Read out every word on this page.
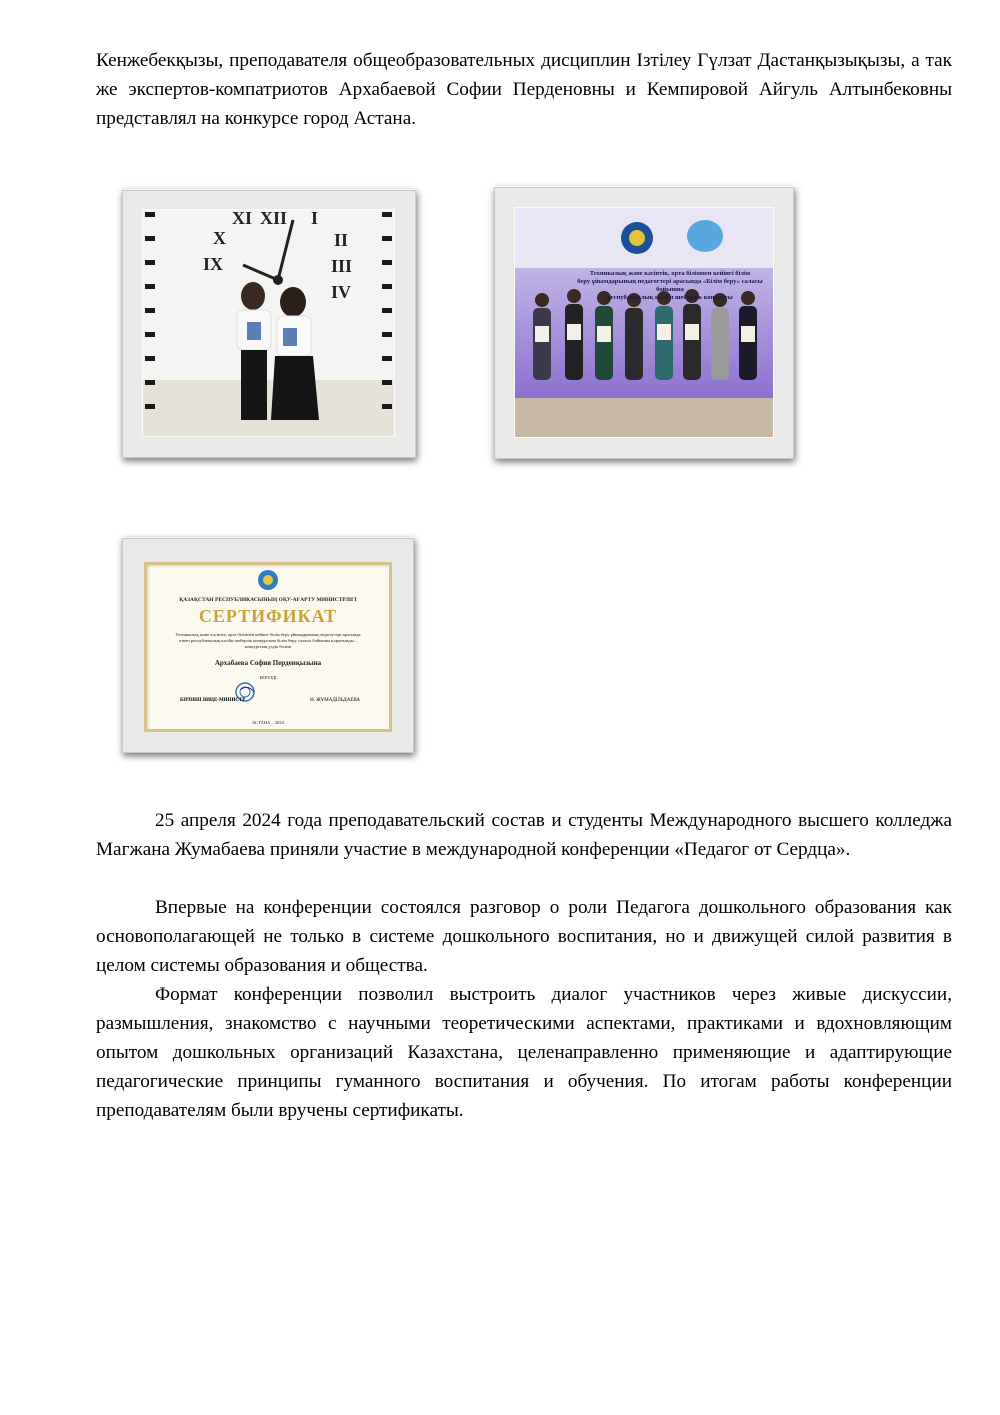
Кенжебекқызы, преподавателя общеобразовательных дисциплин Ізтілеу Гүлзат Дастанқызықызы, а так же экспертов-компатриотов Архабаевой Софии Перденовны и Кемпировой Айгуль Алтынбековны представлял на конкурсе город Астана.

XI XII I
II
III
IV
X
IX	Техникалық және кәсіптік, орта білімнен кейінгі білім
беру ұйымдарының педагогтері арасында «Білім беру» саласы бойынша
республикалық кәсіби шеберлік конкурсы
ҚАЗАҚСТАН РЕСПУБЛИКАСЫНЫҢ ОҚУ-АҒАРТУ МИНИСТРЛІГІ
СЕРТИФИКАТ
Техникалық және кәсіптік, орта білімнен кейінгі білім беру ұйымдарының педагогтері арасында өткен республикалық кәсіби шеберлік конкурсына білім беру саласы бойынша қорытынды – конкурстың үздік бөлімі
Архабаева София Перденқызына
БЕРІЛДІ
БІРІНШІ ВИЦЕ-МИНИСТР	Н. ЖҰМАДІЛЬДАЕВА
АСТАНА – 2024

25 апреля 2024 года преподавательский состав и студенты Международного высшего колледжа Магжана Жумабаева приняли участие в международной конференции «Педагог от Сердца».

Впервые на конференции состоялся разговор о роли Педагога дошкольного образования как основополагающей не только в системе дошкольного воспитания, но и движущей силой развития в целом системы образования и общества.

Формат конференции позволил выстроить диалог участников через живые дискуссии, размышления, знакомство с научными теоретическими аспектами, практиками и вдохновляющим опытом дошкольных организаций Казахстана, целенаправленно применяющие и адаптирующие педагогические принципы гуманного воспитания и обучения. По итогам работы конференции преподавателям были вручены сертификаты.
